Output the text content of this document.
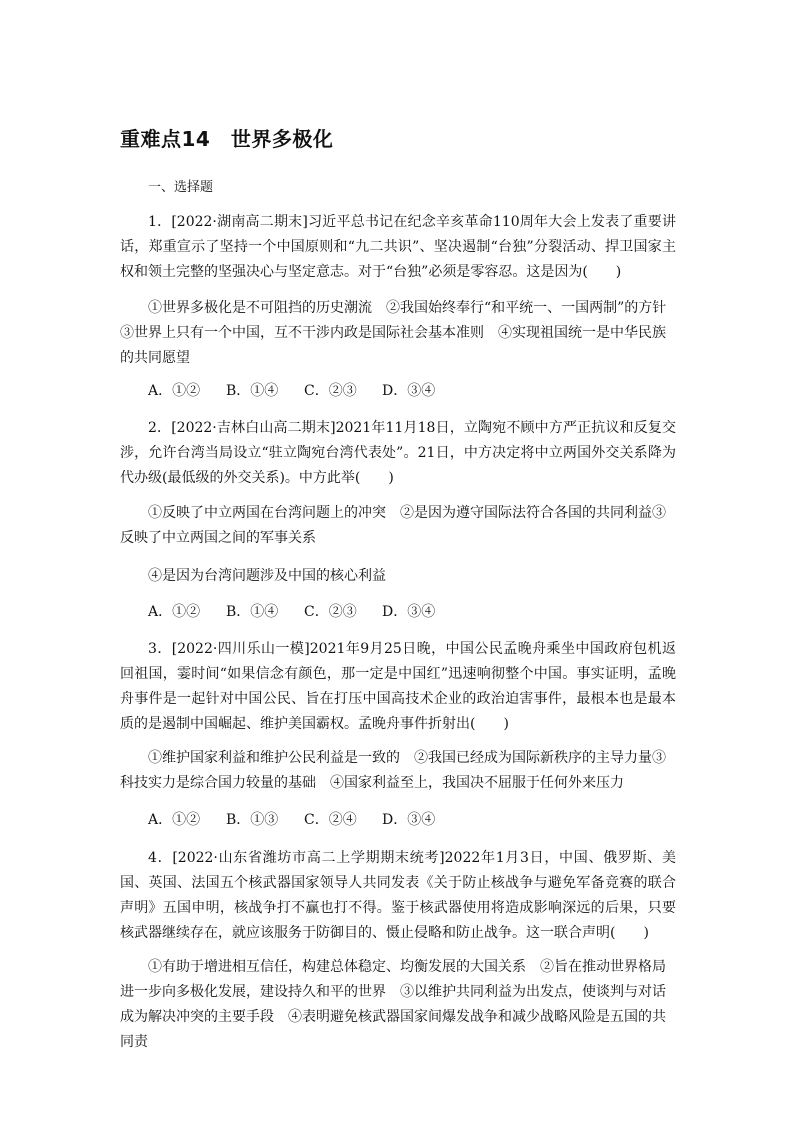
重难点14　世界多极化
一、选择题

1．[2022·湖南高二期末]习近平总书记在纪念辛亥革命110周年大会上发表了重要讲话，郑重宣示了坚持一个中国原则和“九二共识”、坚决遏制“台独”分裂活动、捍卫国家主权和领土完整的坚强决心与坚定意志。对于“台独”必须是零容忍。这是因为(　　)

①世界多极化是不可阻挡的历史潮流　②我国始终奉行“和平统一、一国两制”的方针③世界上只有一个中国，互不干涉内政是国际社会基本准则　④实现祖国统一是中华民族的共同愿望

A．①② B．①④ C．②③ D．③④

2．[2022·吉林白山高二期末]2021年11月18日，立陶宛不顾中方严正抗议和反复交涉，允许台湾当局设立“驻立陶宛台湾代表处”。21日，中方决定将中立两国外交关系降为代办级(最低级的外交关系)。中方此举(　　)

①反映了中立两国在台湾问题上的冲突　②是因为遵守国际法符合各国的共同利益③反映了中立两国之间的军事关系

④是因为台湾问题涉及中国的核心利益

A．①② B．①④ C．②③ D．③④

3．[2022·四川乐山一模]2021年9月25日晚，中国公民孟晚舟乘坐中国政府包机返回祖国，霎时间“如果信念有颜色，那一定是中国红”迅速响彻整个中国。事实证明，孟晚舟事件是一起针对中国公民、旨在打压中国高技术企业的政治迫害事件，最根本也是最本质的是遏制中国崛起、维护美国霸权。孟晚舟事件折射出(　　)

①维护国家利益和维护公民利益是一致的　②我国已经成为国际新秩序的主导力量③科技实力是综合国力较量的基础　④国家利益至上，我国决不屈服于任何外来压力

A．①② B．①③ C．②④ D．③④

4．[2022·山东省潍坊市高二上学期期末统考]2022年1月3日，中国、俄罗斯、美国、英国、法国五个核武器国家领导人共同发表《关于防止核战争与避免军备竞赛的联合声明》五国申明，核战争打不赢也打不得。鉴于核武器使用将造成影响深远的后果，只要核武器继续存在，就应该服务于防御目的、慑止侵略和防止战争。这一联合声明(　　)

①有助于增进相互信任，构建总体稳定、均衡发展的大国关系　②旨在推动世界格局进一步向多极化发展，建设持久和平的世界　③以维护共同利益为出发点，使谈判与对话成为解决冲突的主要手段　④表明避免核武器国家间爆发战争和减少战略风险是五国的共同责
